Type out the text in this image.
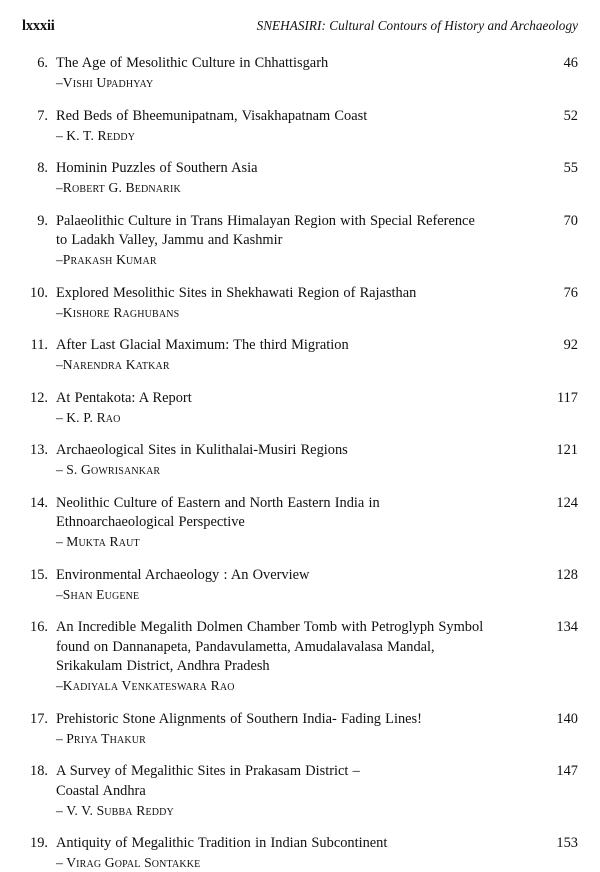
lxxxii	SNEHASIRI: Cultural Contours of History and Archaeology
6. The Age of Mesolithic Culture in Chhattisgarh
–Vishi Upadhyay
46
7. Red Beds of Bheemunipatnam, Visakhapatnam Coast
– K. T. Reddy
52
8. Hominin Puzzles of Southern Asia
–Robert G. Bednarik
55
9. Palaeolithic Culture in Trans Himalayan Region with Special Reference
to Ladakh Valley, Jammu and Kashmir
–Prakash Kumar
70
10. Explored Mesolithic Sites in Shekhawati Region of Rajasthan
–Kishore Raghubans
76
11. After Last Glacial Maximum: The third Migration
–Narendra Katkar
92
12. At Pentakota: A Report
– K. P. Rao
117
13. Archaeological Sites in Kulithalai-Musiri Regions
– S. Gowrisankar
121
14. Neolithic Culture of Eastern and North Eastern India in
Ethnoarchaeological Perspective
– Mukta Raut
124
15. Environmental Archaeology : An Overview
–Shan Eugene
128
16. An Incredible Megalith Dolmen Chamber Tomb with Petroglyph Symbol
found on Dannanapeta, Pandavulametta, Amudalavalasa Mandal,
Srikakulam District, Andhra Pradesh
–Kadiyala Venkateswara Rao
134
17. Prehistoric Stone Alignments of Southern India- Fading Lines!
– Priya Thakur
140
18. A Survey of Megalithic Sites in Prakasam District –
Coastal Andhra
– V. V. Subba Reddy
147
19. Antiquity of Megalithic Tradition in Indian Subcontinent
– Virag Gopal Sontakke
153
